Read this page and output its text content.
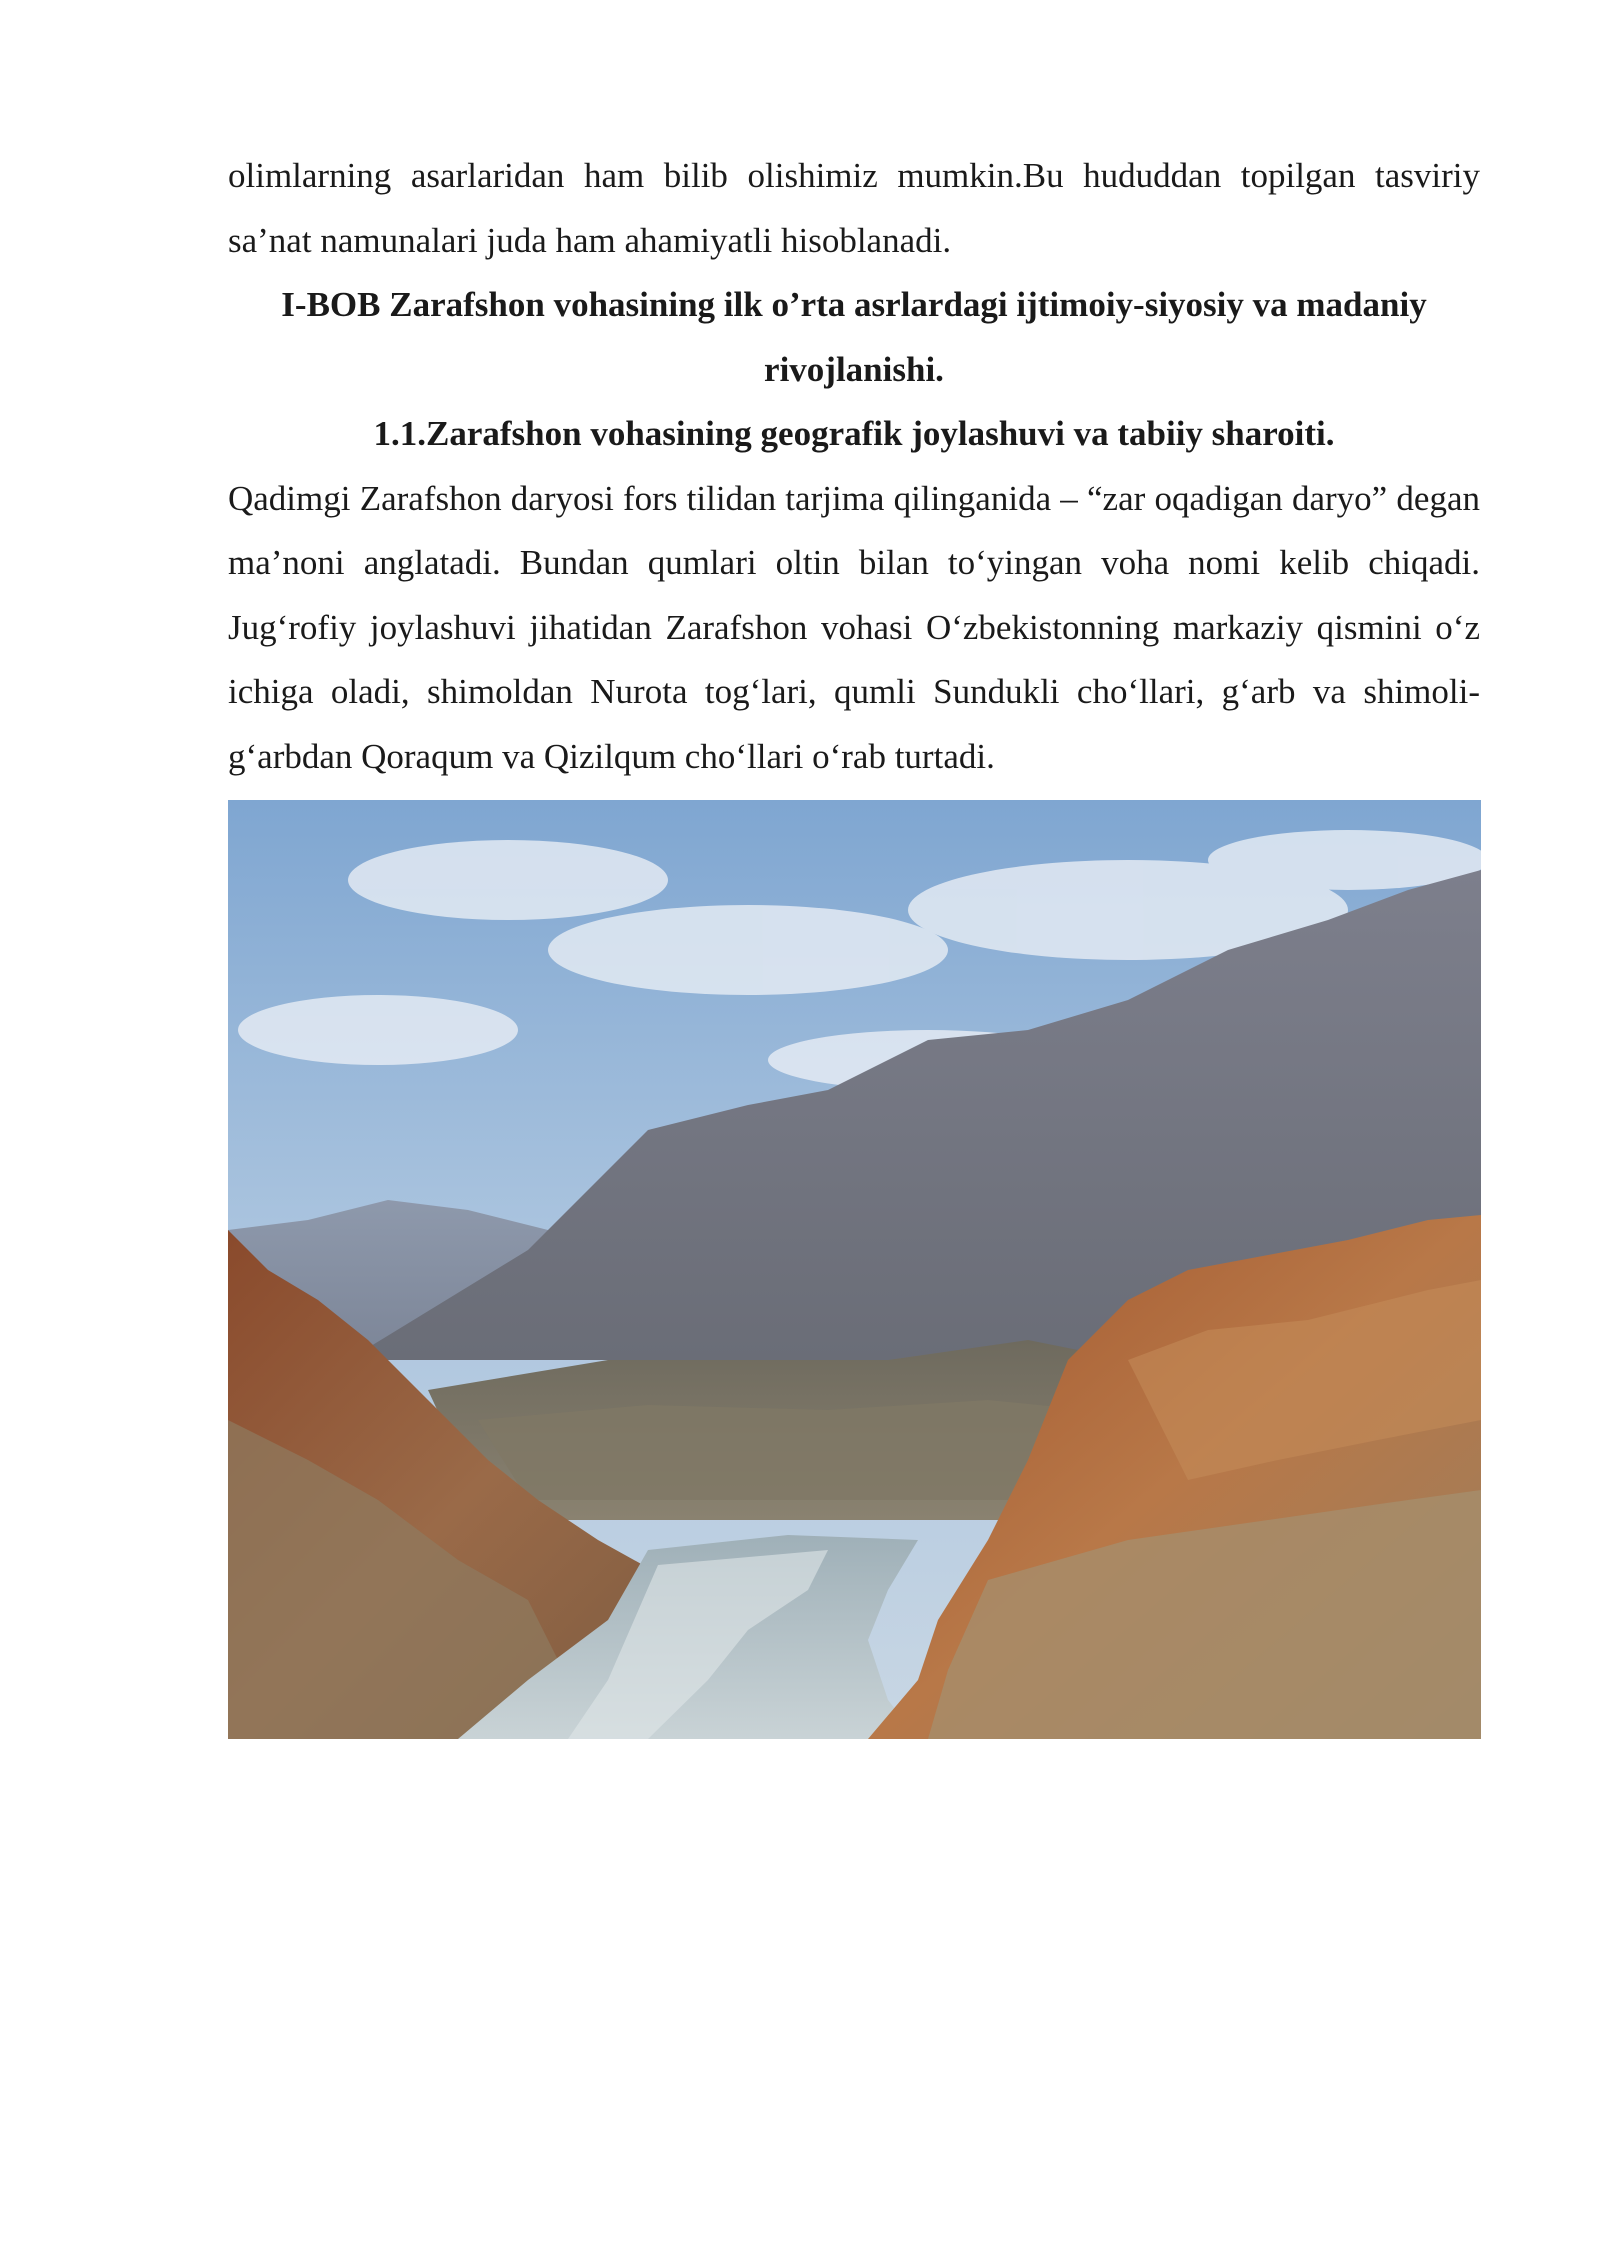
olimlarning asarlaridan ham bilib olishimiz mumkin.Bu hududdan topilgan tasviriy sa’nat namunalari juda ham ahamiyatli hisoblanadi.

I-BOB Zarafshon vohasining ilk o’rta asrlardagi ijtimoiy-siyosiy va madaniy

rivojlanishi.

1.1.Zarafshon vohasining geografik joylashuvi va tabiiy sharoiti.

Qadimgi Zarafshon daryosi fors tilidan tarjima qilinganida – “zar oqadigan daryo” degan ma’noni anglatadi. Bundan qumlari oltin bilan to‘yingan voha nomi kelib chiqadi. Jug‘rofiy joylashuvi jihatidan Zarafshon vohasi O‘zbekistonning markaziy qismini o‘z ichiga oladi, shimoldan Nurota tog‘lari, qumli Sundukli cho‘llari, g‘arb va shimoli-g‘arbdan Qoraqum va Qizilqum cho‘llari o‘rab turtadi.
